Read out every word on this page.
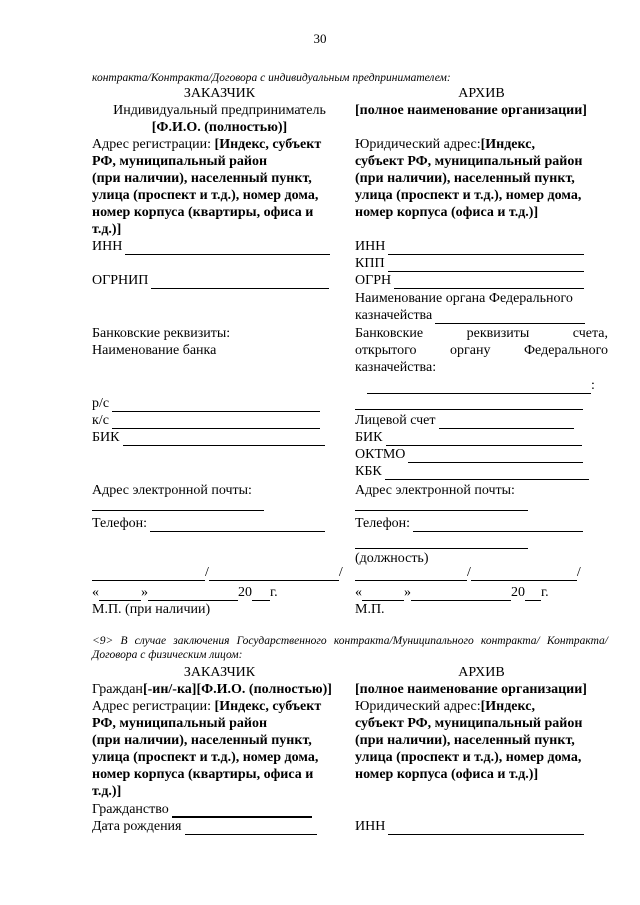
30
контракта/Контракта/Договора с индивидуальным предпринимателем:
ЗАКАЗЧИК
Индивидуальный предприниматель
[Ф.И.О. (полностью)]
Адрес регистрации: [Индекс, субъект
РФ, муниципальный район
(при наличии), населенный пункт,
улица (проспект и т.д.), номер дома,
номер корпуса (квартиры, офиса и
т.д.)]
ИНН
ОГРНИП
Банковские реквизиты:
Наименование банка
р/с
к/с
БИК
Адрес электронной почты:
Телефон:
/	/
«	»	20 г.
М.П. (при наличии)
АРХИВ
[полное наименование организации]
Юридический адрес:[Индекс,
субъект РФ, муниципальный район
(при наличии), населенный пункт,
улица (проспект и т.д.), номер дома,
номер корпуса (офиса и т.д.)]
ИНН
КПП
ОГРН
Наименование органа Федерального
казначейства
Банковские реквизиты счета,
открытого органу Федерального
казначейства:
:
Лицевой счет
БИК
ОКТМО
КБК
Адрес электронной почты:
Телефон:
(должность)
/	/
«	»	20 г.
М.П.
<9> В случае заключения Государственного контракта/Муниципального контракта/ Контракта/Договора с физическим лицом:
ЗАКАЗЧИК
Граждан[-ин/-ка][Ф.И.О. (полностью)]
Адрес регистрации: [Индекс, субъект
РФ, муниципальный район
(при наличии), населенный пункт,
улица (проспект и т.д.), номер дома,
номер корпуса (квартиры, офиса и
т.д.)]
Гражданство
Дата рождения
АРХИВ
[полное наименование организации]
Юридический адрес:[Индекс,
субъект РФ, муниципальный район
(при наличии), населенный пункт,
улица (проспект и т.д.), номер дома,
номер корпуса (офиса и т.д.)]
ИНН
